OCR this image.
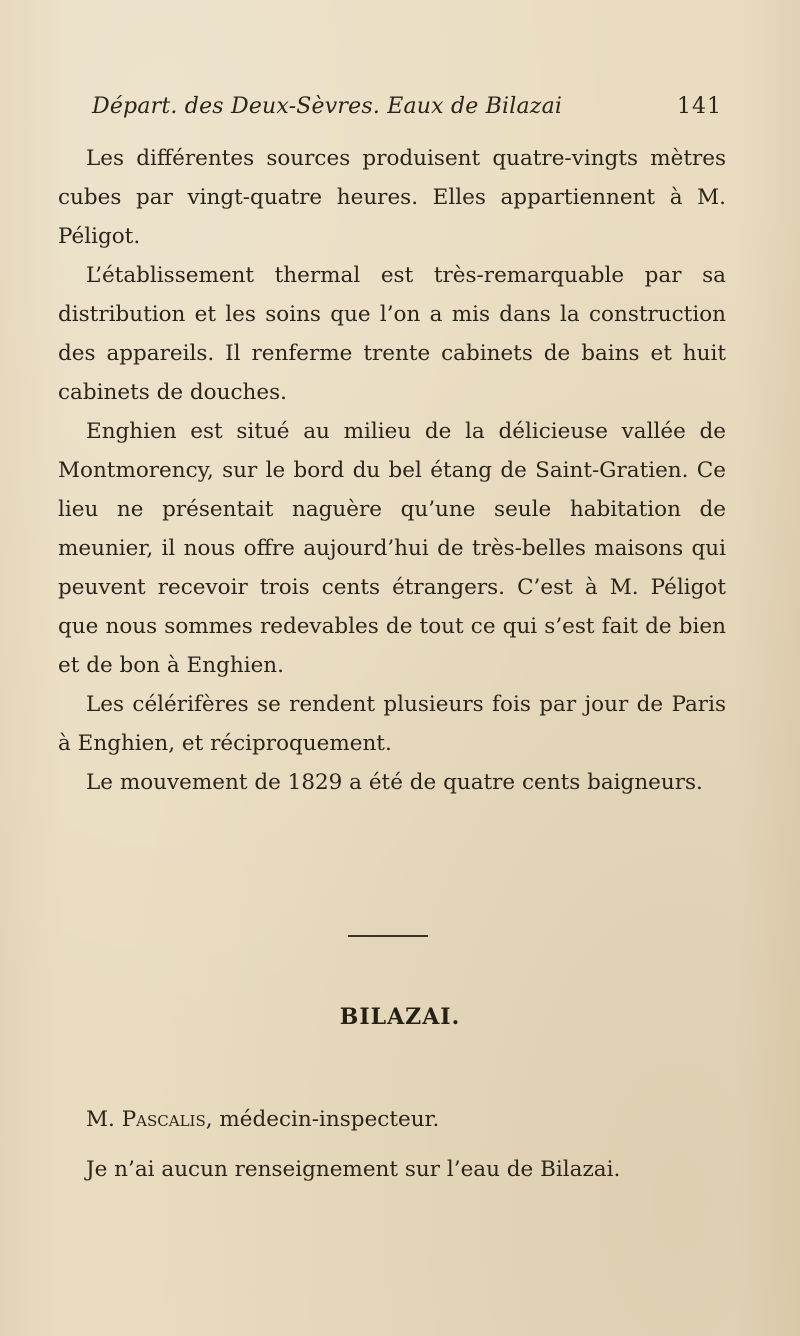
Départ. des Deux-Sèvres. Eaux de Bilazai	141

Les différentes sources produisent quatre-vingts mètres cubes par vingt-quatre heures. Elles appartiennent à M. Péligot.

L’établissement thermal est très-remarquable par sa distribution et les soins que l’on a mis dans la construction des appareils. Il renferme trente cabinets de bains et huit cabinets de douches.

Enghien est situé au milieu de la délicieuse vallée de Montmorency, sur le bord du bel étang de Saint-Gratien. Ce lieu ne présentait naguère qu’une seule habitation de meunier, il nous offre aujourd’hui de très-belles maisons qui peuvent recevoir trois cents étrangers. C’est à M. Péligot que nous sommes redevables de tout ce qui s’est fait de bien et de bon à Enghien.

Les célérifères se rendent plusieurs fois par jour de Paris à Enghien, et réciproquement.

Le mouvement de 1829 a été de quatre cents baigneurs.

BILAZAI.
M. Pascalis, médecin-inspecteur.
Je n’ai aucun renseignement sur l’eau de Bilazai.
